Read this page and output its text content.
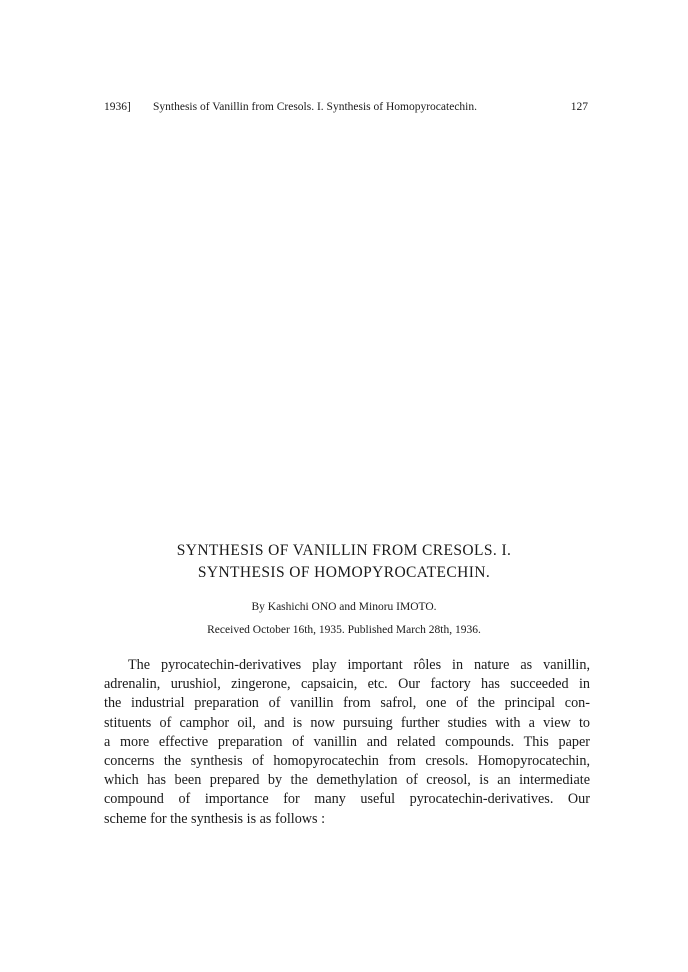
1936] Synthesis of Vanillin from Cresols. I. Synthesis of Homopyrocatechin.	127
SYNTHESIS OF VANILLIN FROM CRESOLS. I.
SYNTHESIS OF HOMOPYROCATECHIN.
By Kashichi ONO and Minoru IMOTO.
Received October 16th, 1935. Published March 28th, 1936.
The pyrocatechin-derivatives play important rôles in nature as vanillin,
adrenalin, urushiol, zingerone, capsaicin, etc. Our factory has succeeded in
the industrial preparation of vanillin from safrol, one of the principal con-
stituents of camphor oil, and is now pursuing further studies with a view to
a more effective preparation of vanillin and related compounds. This paper
concerns the synthesis of homopyrocatechin from cresols. Homopyrocatechin,
which has been prepared by the demethylation of creosol, is an intermediate
compound of importance for many useful pyrocatechin-derivatives. Our
scheme for the synthesis is as follows :
